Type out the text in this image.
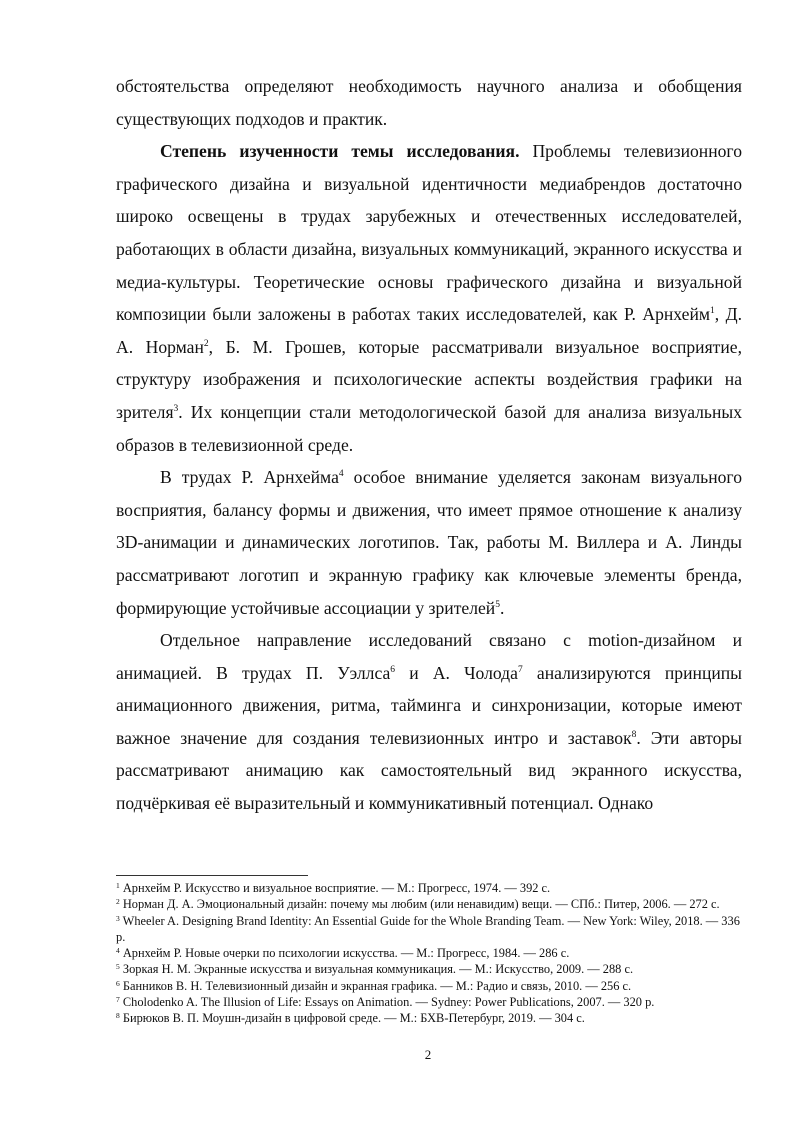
обстоятельства определяют необходимость научного анализа и обобщения существующих подходов и практик.

Степень изученности темы исследования. Проблемы телевизионного графического дизайна и визуальной идентичности медиабрендов достаточно широко освещены в трудах зарубежных и отечественных исследователей, работающих в области дизайна, визуальных коммуникаций, экранного искусства и медиа-культуры. Теоретические основы графического дизайна и визуальной композиции были заложены в работах таких исследователей, как Р. Арнхейм$^1$, Д. А. Норман$^2$, Б. М. Грошев, которые рассматривали визуальное восприятие, структуру изображения и психологические аспекты воздействия графики на зрителя$^3$. Их концепции стали методологической базой для анализа визуальных образов в телевизионной среде.

В трудах Р. Арнхейма$^4$ особое внимание уделяется законам визуального восприятия, балансу формы и движения, что имеет прямое отношение к анализу 3D-анимации и динамических логотипов. Так, работы М. Виллера и А. Линды рассматривают логотип и экранную графику как ключевые элементы бренда, формирующие устойчивые ассоциации у зрителей$^5$.

Отдельное направление исследований связано с motion-дизайном и анимацией. В трудах П. Уэллса$^6$ и А. Чолода$^7$ анализируются принципы анимационного движения, ритма, тайминга и синхронизации, которые имеют важное значение для создания телевизионных интро и заставок$^8$. Эти авторы рассматривают анимацию как самостоятельный вид экранного искусства, подчёркивая её выразительный и коммуникативный потенциал. Однако

$^1$ Арнхейм Р. Искусство и визуальное восприятие. — М.: Прогресс, 1974. — 392 с.

$^2$ Норман Д. А. Эмоциональный дизайн: почему мы любим (или ненавидим) вещи. — СПб.: Питер, 2006. — 272 с.

$^3$ Wheeler A. Designing Brand Identity: An Essential Guide for the Whole Branding Team. — New York: Wiley, 2018. — 336 p.

$^4$ Арнхейм Р. Новые очерки по психологии искусства. — М.: Прогресс, 1984. — 286 с.

$^5$ Зоркая Н. М. Экранные искусства и визуальная коммуникация. — М.: Искусство, 2009. — 288 с.

$^6$ Банников В. Н. Телевизионный дизайн и экранная графика. — М.: Радио и связь, 2010. — 256 с.

$^7$ Cholodenko A. The Illusion of Life: Essays on Animation. — Sydney: Power Publications, 2007. — 320 p.

$^8$ Бирюков В. П. Моушн-дизайн в цифровой среде. — М.: БХВ-Петербург, 2019. — 304 с.

2
